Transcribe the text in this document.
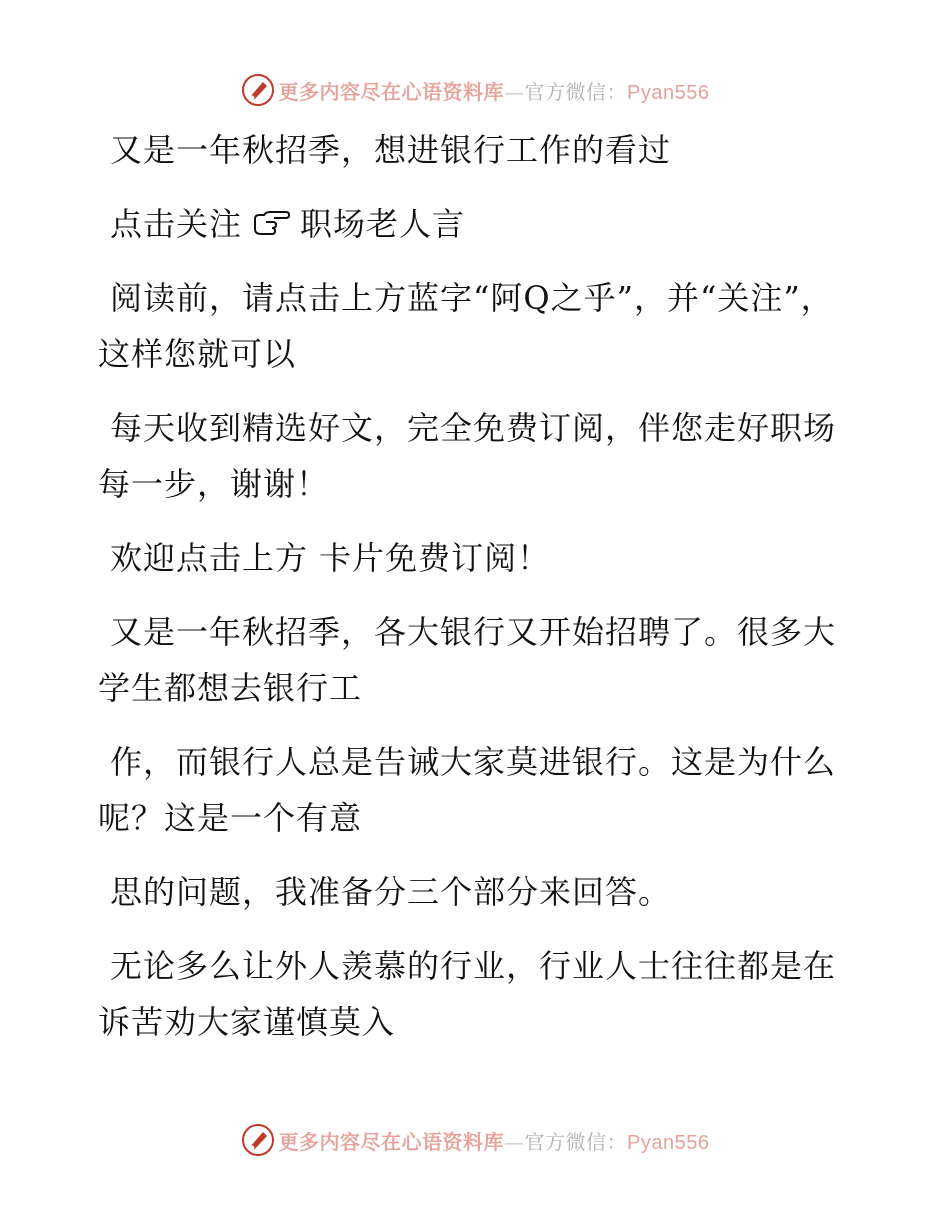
更多内容尽在心语资料库—官方微信：Pyan556

又是一年秋招季，想进银行工作的看过

点击关注 职场老人言

阅读前，请点击上方蓝字“阿Q之乎”，并“关注”，这样您就可以

每天收到精选好文，完全免费订阅，伴您走好职场每一步，谢谢！

欢迎点击上方 卡片免费订阅！

又是一年秋招季，各大银行又开始招聘了。很多大学生都想去银行工

作，而银行人总是告诫大家莫进银行。这是为什么呢？这是一个有意

思的问题，我准备分三个部分来回答。

无论多么让外人羡慕的行业，行业人士往往都是在诉苦劝大家谨慎莫入

更多内容尽在心语资料库—官方微信：Pyan556
